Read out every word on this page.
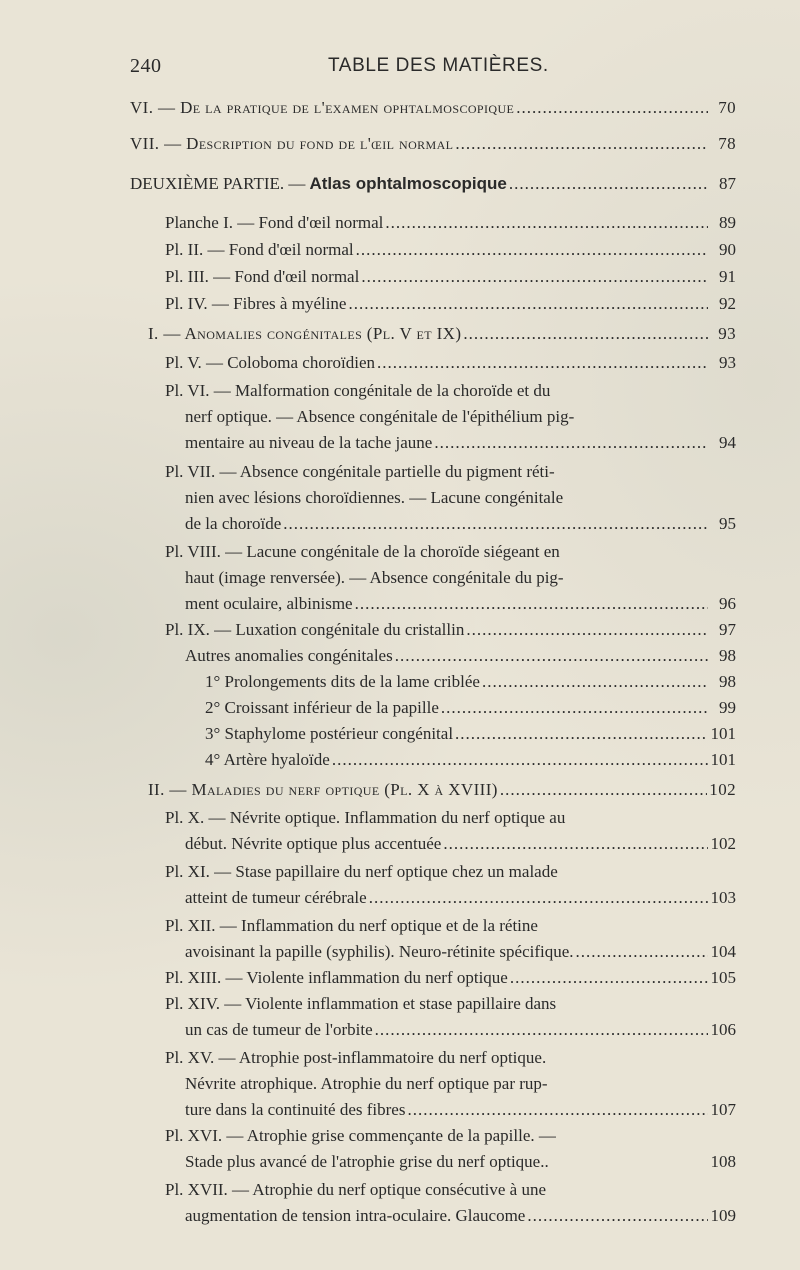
240	TABLE DES MATIÈRES.
VI. — De la pratique de l'examen ophtalmoscopique .....	70
VII. — Description du fond de l'œil normal .....	78
DEUXIÈME PARTIE. — Atlas ophtalmoscopique .....	87
Planche I. — Fond d'œil normal .....	89
Pl. II. — Fond d'œil normal .....	90
Pl. III. — Fond d'œil normal .....	91
Pl. IV. — Fibres à myéline .....	92
I. — Anomalies congénitales (Pl. V et IX) .....	93
Pl. V. — Coloboma choroïdien .....	93
Pl. VI. — Malformation congénitale de la choroïde et du
nerf optique. — Absence congénitale de l'épithélium pig-
mentaire au niveau de la tache jaune .....	94
Pl. VII. — Absence congénitale partielle du pigment réti-
nien avec lésions choroïdiennes. — Lacune congénitale
de la choroïde .....	95
Pl. VIII. — Lacune congénitale de la choroïde siégeant en
haut (image renversée). — Absence congénitale du pig-
ment oculaire, albinisme .....	96
Pl. IX. — Luxation congénitale du cristallin .....	97
Autres anomalies congénitales .....	98
1° Prolongements dits de la lame criblée .....	98
2° Croissant inférieur de la papille .....	99
3° Staphylome postérieur congénital .....	101
4° Artère hyaloïde .....	101
II. — Maladies du nerf optique (Pl. X à XVIII) .....	102
Pl. X. — Névrite optique. Inflammation du nerf optique au
début. Névrite optique plus accentuée .....	102
Pl. XI. — Stase papillaire du nerf optique chez un malade
atteint de tumeur cérébrale .....	103
Pl. XII. — Inflammation du nerf optique et de la rétine
avoisinant la papille (syphilis). Neuro-rétinite spécifique. .....	104
Pl. XIII. — Violente inflammation du nerf optique .....	105
Pl. XIV. — Violente inflammation et stase papillaire dans
un cas de tumeur de l'orbite .....	106
Pl. XV. — Atrophie post-inflammatoire du nerf optique.
Névrite atrophique. Atrophie du nerf optique par rup-
ture dans la continuité des fibres .....	107
Pl. XVI. — Atrophie grise commençante de la papille. —
Stade plus avancé de l'atrophie grise du nerf optique..	108
Pl. XVII. — Atrophie du nerf optique consécutive à une
augmentation de tension intra-oculaire. Glaucome .....	109
